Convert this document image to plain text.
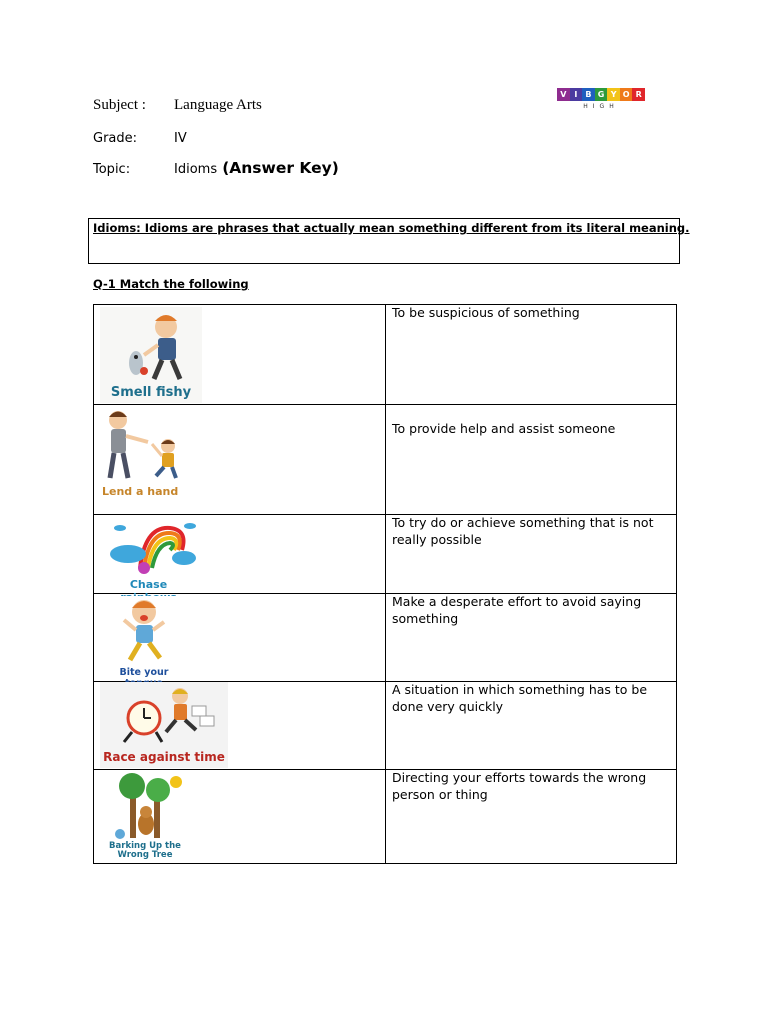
Subject : Language Arts
Grade:	IV
Topic:	Idioms (Answer Key)
V I	B G Y O R
HIGH
Idioms: Idioms are phrases that actually mean something different from its literal meaning.
Q-1 Match the following
Smell fishy
To be suspicious of something
Lend a hand
To provide help and assist someone
Chase
To try do or achieve something that is not really possible
Bite your
Make a desperate effort to avoid saying something
Race against time
A situation in which something has to be done very quickly
Barking Up the Wrong Tree
Directing your efforts towards the wrong person or thing
